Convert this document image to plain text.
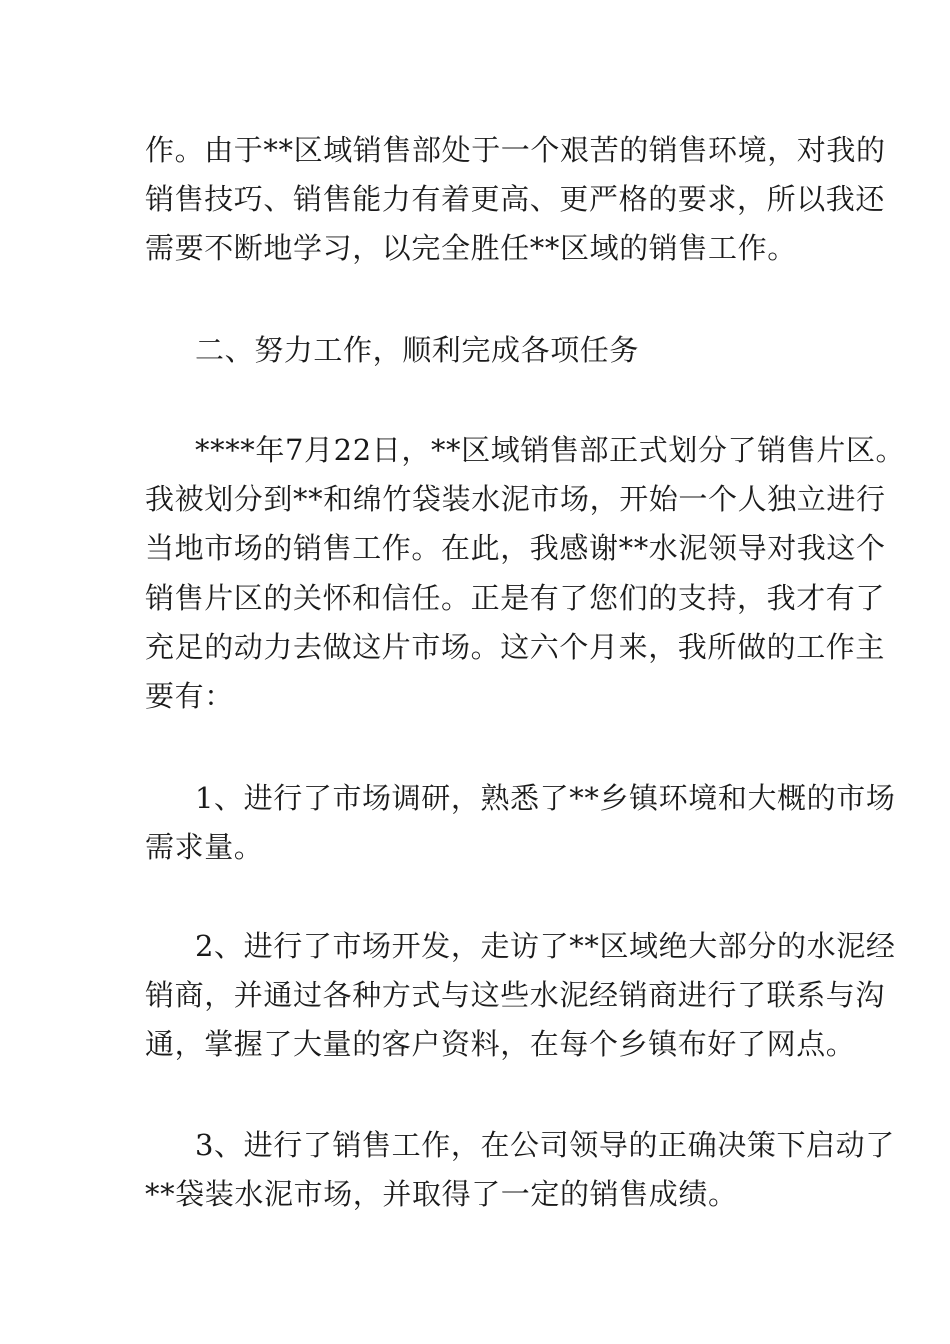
作。由于**区域销售部处于一个艰苦的销售环境，对我的

销售技巧、销售能力有着更高、更严格的要求，所以我还

需要不断地学习，以完全胜任**区域的销售工作。

二、努力工作，顺利完成各项任务

****年7月22日，**区域销售部正式划分了销售片区。

我被划分到**和绵竹袋装水泥市场，开始一个人独立进行

当地市场的销售工作。在此，我感谢**水泥领导对我这个

销售片区的关怀和信任。正是有了您们的支持，我才有了

充足的动力去做这片市场。这六个月来，我所做的工作主

要有：

1、进行了市场调研，熟悉了**乡镇环境和大概的市场

需求量。

2、进行了市场开发，走访了**区域绝大部分的水泥经

销商，并通过各种方式与这些水泥经销商进行了联系与沟

通，掌握了大量的客户资料，在每个乡镇布好了网点。

3、进行了销售工作，在公司领导的正确决策下启动了

**袋装水泥市场，并取得了一定的销售成绩。
